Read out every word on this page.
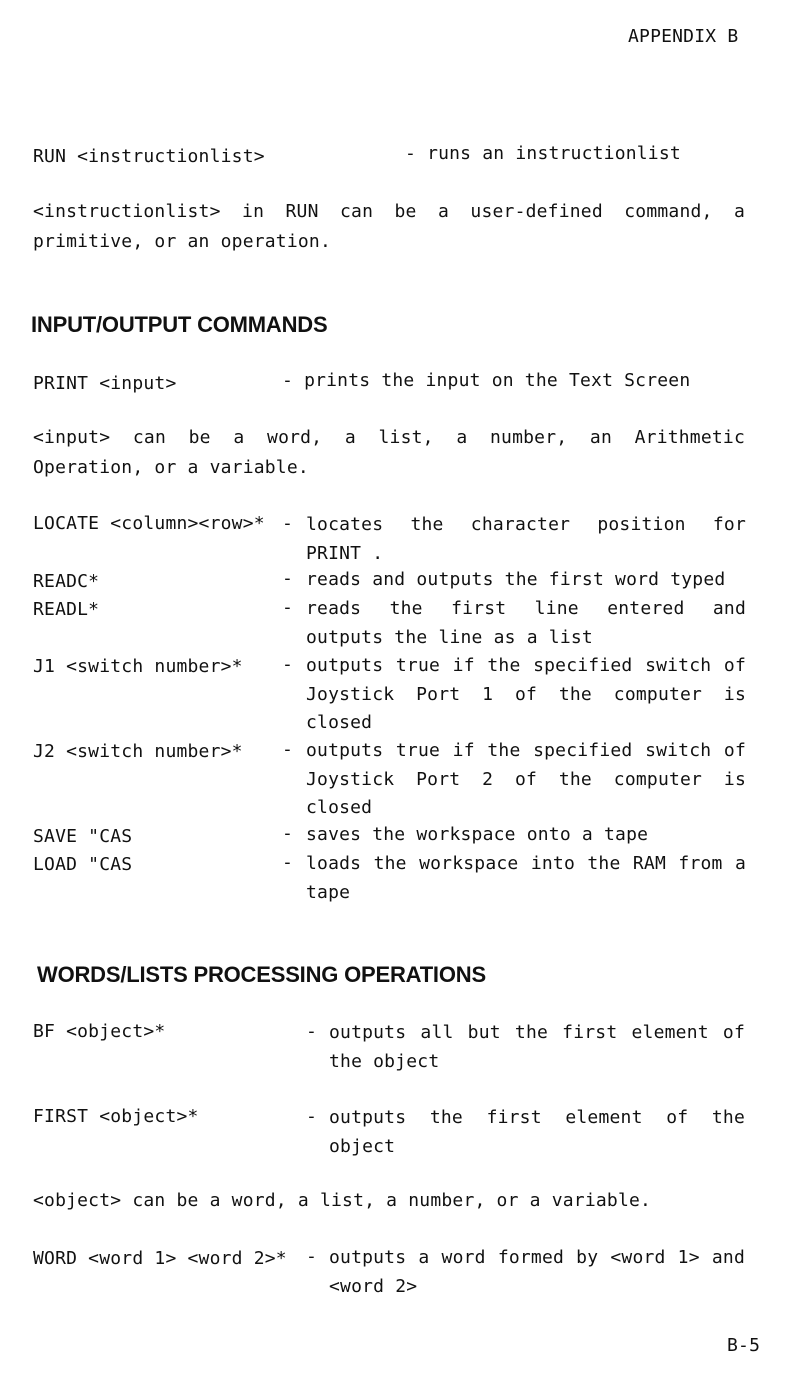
APPENDIX B
RUN <instructionlist>	- runs an instructionlist
<instructionlist> in RUN can be a user-defined command, a
primitive, or an operation.
INPUT/OUTPUT COMMANDS
PRINT <input>	- prints the input on the Text Screen
<input> can be a word, a list, a number, an Arithmetic
Operation, or a variable.
LOCATE <column><row>* - locates the character position for
PRINT .
READC*	- reads and outputs the first word typed
READL*	- reads the first line entered and
outputs the line as a list
J1 <switch number>* - outputs true if the specified switch of
Joystick Port 1 of the computer is
closed
J2 <switch number>* - outputs true if the specified switch of
Joystick Port 2 of the computer is
closed
SAVE "CAS	- saves the workspace onto a tape
LOAD "CAS	- loads the workspace into the RAM from a
tape
WORDS/LISTS PROCESSING OPERATIONS
BF <object>*	- outputs all but the first element of
the object
FIRST <object>*	- outputs the first element of the
object
<object> can be a word, a list, a number, or a variable.
WORD <word 1> <word 2>* - outputs a word formed by <word 1> and
<word 2>
B-5
